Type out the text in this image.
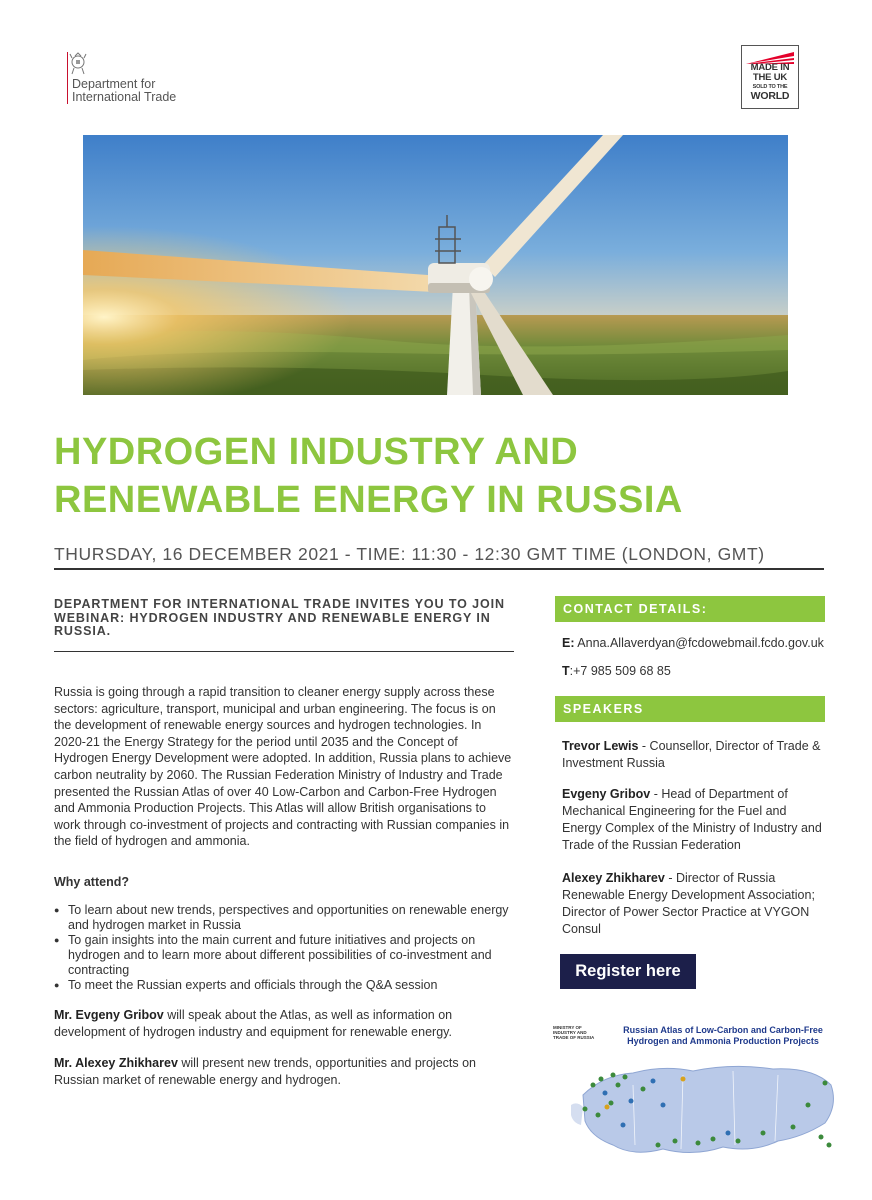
Department for
International Trade
MADE IN
THE UK
SOLD TO THE
WORLD
HYDROGEN INDUSTRY AND
RENEWABLE ENERGY IN RUSSIA
THURSDAY, 16 DECEMBER 2021 - TIME: 11:30 - 12:30 GMT TIME (LONDON, GMT)
DEPARTMENT FOR INTERNATIONAL TRADE INVITES YOU TO JOIN WEBINAR: HYDROGEN INDUSTRY AND RENEWABLE ENERGY IN RUSSIA.

Russia is going through a rapid transition to cleaner energy supply across these sectors: agriculture, transport, municipal and urban engineering. The focus is on the development of renewable energy sources and hydrogen technologies. In 2020-21 the Energy Strategy for the period until 2035 and the Concept of Hydrogen Energy Development were adopted. In addition, Russia plans to achieve carbon neutrality by 2060. The Russian Federation Ministry of Industry and Trade presented the Russian Atlas of over 40 Low-Carbon and Carbon-Free Hydrogen and Ammonia Production Projects. This Atlas will allow British organisations to work through co-investment of projects and contracting with Russian companies in the field of hydrogen and ammonia.

Why attend?
● To learn about new trends, perspectives and opportunities on renewable energy and hydrogen market in Russia
● To gain insights into the main current and future initiatives and projects on hydrogen and to learn more about different possibilities of co-investment and contracting
● To meet the Russian experts and officials through the Q&A session

Mr. Evgeny Gribov will speak about the Atlas, as well as information on development of hydrogen industry and equipment for renewable energy.

Mr. Alexey Zhikharev will present new trends, opportunities and projects on Russian market of renewable energy and hydrogen.

CONTACT DETAILS:
E: Anna.Allaverdyan@fcdowebmail.fcdo.gov.uk
T:+7 985 509 68 85
SPEAKERS

Trevor Lewis - Counsellor, Director of Trade & Investment Russia

Evgeny Gribov - Head of Department of Mechanical Engineering for the Fuel and Energy Complex of the Ministry of Industry and Trade of the Russian Federation

Alexey Zhikharev - Director of Russia Renewable Energy Development Association; Director of Power Sector Practice at VYGON Consul

Register here
MINISTRY OF INDUSTRY AND TRADE OF RUSSIA
Russian Atlas of Low-Carbon and Carbon-Free
Hydrogen and Ammonia Production Projects
